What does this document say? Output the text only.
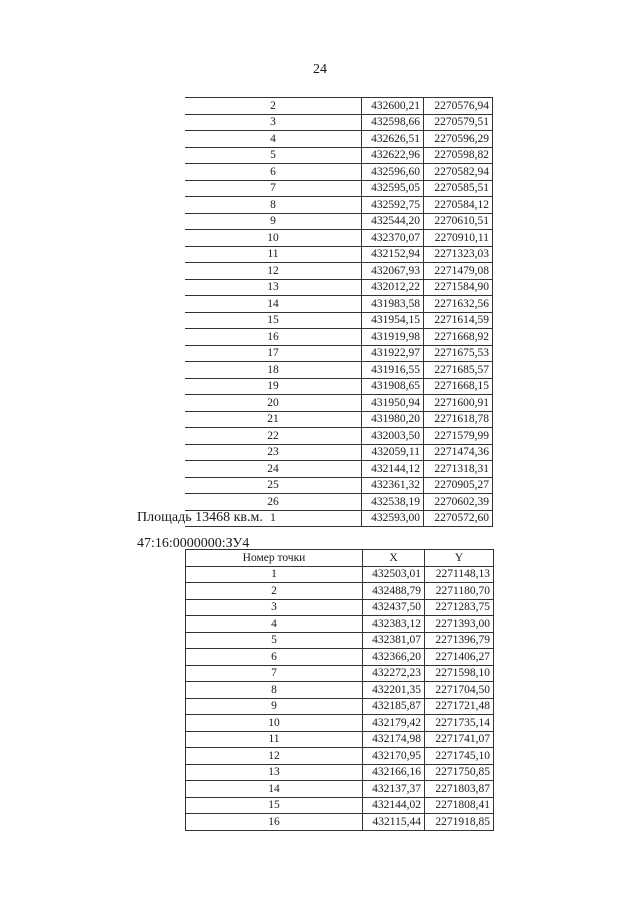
24
2	432600,21	2270576,94
3	432598,66	2270579,51
4	432626,51	2270596,29
5	432622,96	2270598,82
6	432596,60	2270582,94
7	432595,05	2270585,51
8	432592,75	2270584,12
9	432544,20	2270610,51
10	432370,07	2270910,11
11	432152,94	2271323,03
12	432067,93	2271479,08
13	432012,22	2271584,90
14	431983,58	2271632,56
15	431954,15	2271614,59
16	431919,98	2271668,92
17	431922,97	2271675,53
18	431916,55	2271685,57
19	431908,65	2271668,15
20	431950,94	2271600,91
21	431980,20	2271618,78
22	432003,50	2271579,99
23	432059,11	2271474,36
24	432144,12	2271318,31
25	432361,32	2270905,27
26	432538,19	2270602,39
1	432593,00	2270572,60
Площадь 13468 кв.м.
47:16:0000000:ЗУ4
Номер точки	X	Y
1	432503,01	2271148,13
2	432488,79	2271180,70
3	432437,50	2271283,75
4	432383,12	2271393,00
5	432381,07	2271396,79
6	432366,20	2271406,27
7	432272,23	2271598,10
8	432201,35	2271704,50
9	432185,87	2271721,48
10	432179,42	2271735,14
11	432174,98	2271741,07
12	432170,95	2271745,10
13	432166,16	2271750,85
14	432137,37	2271803,87
15	432144,02	2271808,41
16	432115,44	2271918,85
